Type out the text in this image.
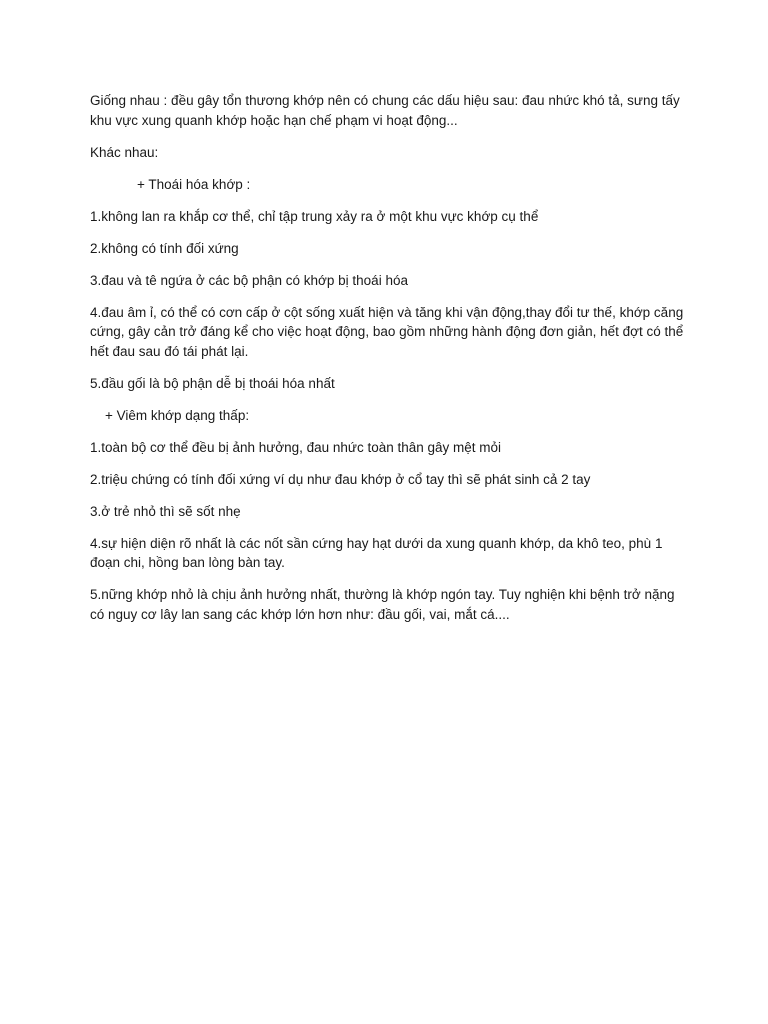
Giống nhau : đều gây tổn thương khớp nên có chung các dấu hiệu sau: đau nhức khó tả, sưng tấy khu vực xung quanh khớp hoặc hạn chế phạm vi hoạt động...

Khác nhau:

+ Thoái hóa khớp :

1.không lan ra khắp cơ thể, chỉ tập trung xảy ra ở một khu vực khớp cụ thể

2.không có tính đối xứng

3.đau và tê ngứa ở các bộ phận có khớp bị thoái hóa

4.đau âm ỉ, có thể có cơn cấp ở cột sống xuất hiện và tăng khi vận động,thay đổi tư thế, khớp căng cứng, gây cản trở đáng kể cho việc hoạt động, bao gồm những hành động đơn giản, hết đợt có thể hết đau sau đó tái phát lại.

5.đầu gối là bộ phận dễ bị thoái hóa nhất

+ Viêm khớp dạng thấp:

1.toàn bộ cơ thể đều bị ảnh hưởng, đau nhức toàn thân gây mệt mỏi

2.triệu chứng có tính đối xứng ví dụ như đau khớp ở cổ tay thì sẽ phát sinh cả 2 tay

3.ở trẻ nhỏ thì sẽ sốt nhẹ

4.sự hiện diện rõ nhất là các nốt sần cứng hay hạt dưới da xung quanh khớp, da khô teo, phù 1 đoạn chi, hồng ban lòng bàn tay.

5.nững khớp nhỏ là chịu ảnh hưởng nhất, thường là khớp ngón tay. Tuy nghiện khi bệnh trở nặng có nguy cơ lây lan sang các khớp lớn hơn như: đầu gối, vai, mắt cá....
